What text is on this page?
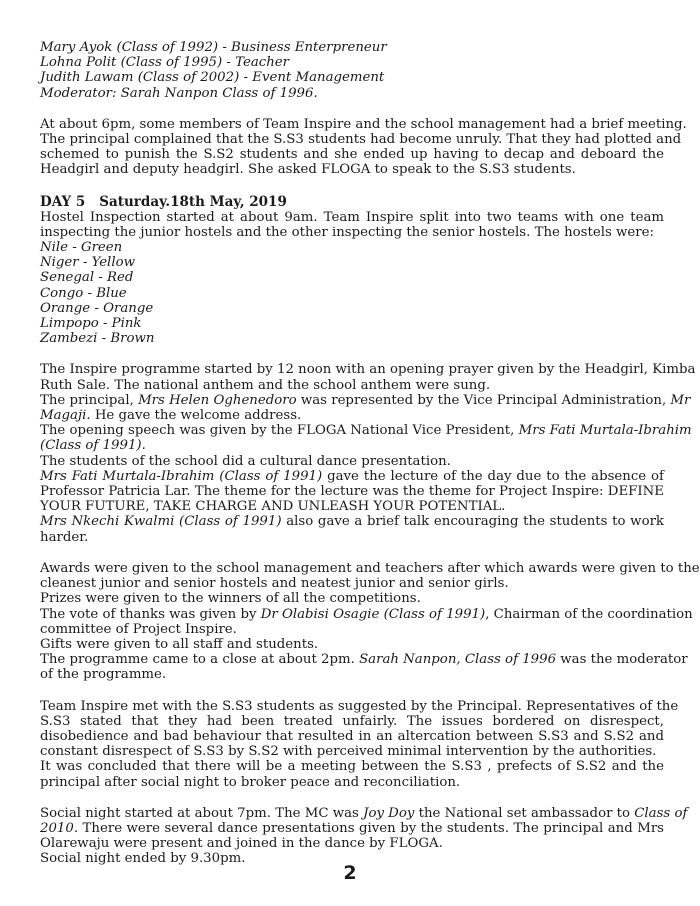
Mary Ayok (Class of 1992) - Business Enterpreneur
Lohna Polit (Class of 1995) - Teacher
Judith Lawam (Class of 2002) - Event Management
Moderator: Sarah Nanpon Class of 1996.
At about 6pm, some members of Team Inspire and the school management had a brief meeting.
The principal complained that the S.S3 students had become unruly. That they had plotted and
schemed to punish the S.S2 students and she ended up having to decap and deboard the
Headgirl and deputy headgirl. She asked FLOGA to speak to the S.S3 students.
DAY 5 Saturday.18th May, 2019
Hostel Inspection started at about 9am. Team Inspire split into two teams with one team
inspecting the junior hostels and the other inspecting the senior hostels. The hostels were:
Nile - Green
Niger - Yellow
Senegal - Red
Congo - Blue
Orange - Orange
Limpopo - Pink
Zambezi - Brown
The Inspire programme started by 12 noon with an opening prayer given by the Headgirl, Kimba
Ruth Sale. The national anthem and the school anthem were sung.
The principal, Mrs Helen Oghenedoro was represented by the Vice Principal Administration, Mr
Magaji. He gave the welcome address.
The opening speech was given by the FLOGA National Vice President, Mrs Fati Murtala-Ibrahim
(Class of 1991).
The students of the school did a cultural dance presentation.
Mrs Fati Murtala-Ibrahim (Class of 1991) gave the lecture of the day due to the absence of
Professor Patricia Lar. The theme for the lecture was the theme for Project Inspire: DEFINE
YOUR FUTURE, TAKE CHARGE AND UNLEASH YOUR POTENTIAL.
Mrs Nkechi Kwalmi (Class of 1991) also gave a brief talk encouraging the students to work
harder.
Awards were given to the school management and teachers after which awards were given to the
cleanest junior and senior hostels and neatest junior and senior girls.
Prizes were given to the winners of all the competitions.
The vote of thanks was given by Dr Olabisi Osagie (Class of 1991), Chairman of the coordination
committee of Project Inspire.
Gifts were given to all staff and students.
The programme came to a close at about 2pm. Sarah Nanpon, Class of 1996 was the moderator
of the programme.
Team Inspire met with the S.S3 students as suggested by the Principal. Representatives of the
S.S3 stated that they had been treated unfairly. The issues bordered on disrespect,
disobedience and bad behaviour that resulted in an altercation between S.S3 and S.S2 and
constant disrespect of S.S3 by S.S2 with perceived minimal intervention by the authorities.
It was concluded that there will be a meeting between the S.S3 , prefects of S.S2 and the
principal after social night to broker peace and reconciliation.
Social night started at about 7pm. The MC was Joy Doy the National set ambassador to Class of
2010. There were several dance presentations given by the students. The principal and Mrs
Olarewaju were present and joined in the dance by FLOGA.
Social night ended by 9.30pm.
2
